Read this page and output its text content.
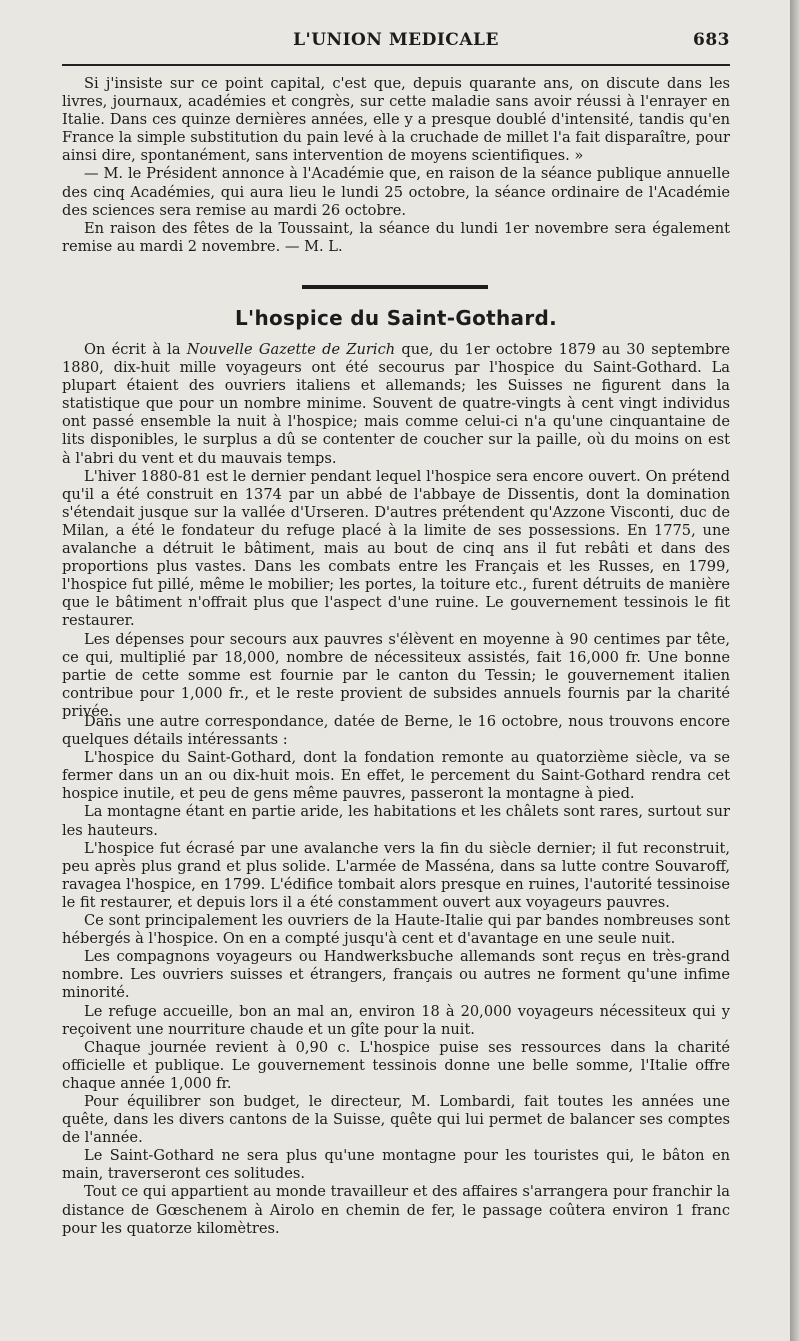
L'UNION MEDICALE	683

Si j'insiste sur ce point capital, c'est que, depuis quarante ans, on discute dans les livres, journaux, académies et congrès, sur cette maladie sans avoir réussi à l'enrayer en Italie. Dans ces quinze dernières années, elle y a presque doublé d'intensité, tandis qu'en France la simple substitution du pain levé à la cruchade de millet l'a fait disparaître, pour ainsi dire, spontanément, sans intervention de moyens scientifiques. »

— M. le Président annonce à l'Académie que, en raison de la séance publique annuelle des cinq Académies, qui aura lieu le lundi 25 octobre, la séance ordinaire de l'Académie des sciences sera remise au mardi 26 octobre.

En raison des fêtes de la Toussaint, la séance du lundi 1er novembre sera également remise au mardi 2 novembre. — M. L.

L'hospice du Saint-Gothard.

On écrit à la Nouvelle Gazette de Zurich que, du 1er octobre 1879 au 30 septembre 1880, dix-huit mille voyageurs ont été secourus par l'hospice du Saint-Gothard. La plupart étaient des ouvriers italiens et allemands; les Suisses ne figurent dans la statistique que pour un nombre minime. Souvent de quatre-vingts à cent vingt individus ont passé ensemble la nuit à l'hospice; mais comme celui-ci n'a qu'une cinquantaine de lits disponibles, le surplus a dû se contenter de coucher sur la paille, où du moins on est à l'abri du vent et du mauvais temps.

L'hiver 1880-81 est le dernier pendant lequel l'hospice sera encore ouvert. On prétend qu'il a été construit en 1374 par un abbé de l'abbaye de Dissentis, dont la domination s'étendait jusque sur la vallée d'Urseren. D'autres prétendent qu'Azzone Visconti, duc de Milan, a été le fondateur du refuge placé à la limite de ses possessions. En 1775, une avalanche a détruit le bâtiment, mais au bout de cinq ans il fut rebâti et dans des proportions plus vastes. Dans les combats entre les Français et les Russes, en 1799, l'hospice fut pillé, même le mobilier; les portes, la toiture etc., furent détruits de manière que le bâtiment n'offrait plus que l'aspect d'une ruine. Le gouvernement tessinois le fit restaurer.

Les dépenses pour secours aux pauvres s'élèvent en moyenne à 90 centimes par tête, ce qui, multiplié par 18,000, nombre de nécessiteux assistés, fait 16,000 fr. Une bonne partie de cette somme est fournie par le canton du Tessin; le gouvernement italien contribue pour 1,000 fr., et le reste provient de subsides annuels fournis par la charité privée.

Dans une autre correspondance, datée de Berne, le 16 octobre, nous trouvons encore quelques détails intéressants :

L'hospice du Saint-Gothard, dont la fondation remonte au quatorzième siècle, va se fermer dans un an ou dix-huit mois. En effet, le percement du Saint-Gothard rendra cet hospice inutile, et peu de gens même pauvres, passeront la montagne à pied.

La montagne étant en partie aride, les habitations et les châlets sont rares, surtout sur les hauteurs.

L'hospice fut écrasé par une avalanche vers la fin du siècle dernier; il fut reconstruit, peu après plus grand et plus solide. L'armée de Masséna, dans sa lutte contre Souvaroff, ravagea l'hospice, en 1799. L'édifice tombait alors presque en ruines, l'autorité tessinoise le fit restaurer, et depuis lors il a été constamment ouvert aux voyageurs pauvres.

Ce sont principalement les ouvriers de la Haute-Italie qui par bandes nombreuses sont hébergés à l'hospice. On en a compté jusqu'à cent et d'avantage en une seule nuit.

Les compagnons voyageurs ou Handwerksbuche allemands sont reçus en très-grand nombre. Les ouvriers suisses et étrangers, français ou autres ne forment qu'une infime minorité.

Le refuge accueille, bon an mal an, environ 18 à 20,000 voyageurs nécessiteux qui y reçoivent une nourriture chaude et un gîte pour la nuit.

Chaque journée revient à 0,90 c. L'hospice puise ses ressources dans la charité officielle et publique. Le gouvernement tessinois donne une belle somme, l'Italie offre chaque année 1,000 fr.

Pour équilibrer son budget, le directeur, M. Lombardi, fait toutes les années une quête, dans les divers cantons de la Suisse, quête qui lui permet de balancer ses comptes de l'année.

Le Saint-Gothard ne sera plus qu'une montagne pour les touristes qui, le bâton en main, traverseront ces solitudes.

Tout ce qui appartient au monde travailleur et des affaires s'arrangera pour franchir la distance de Gœschenem à Airolo en chemin de fer, le passage coûtera environ 1 franc pour les quatorze kilomètres.
